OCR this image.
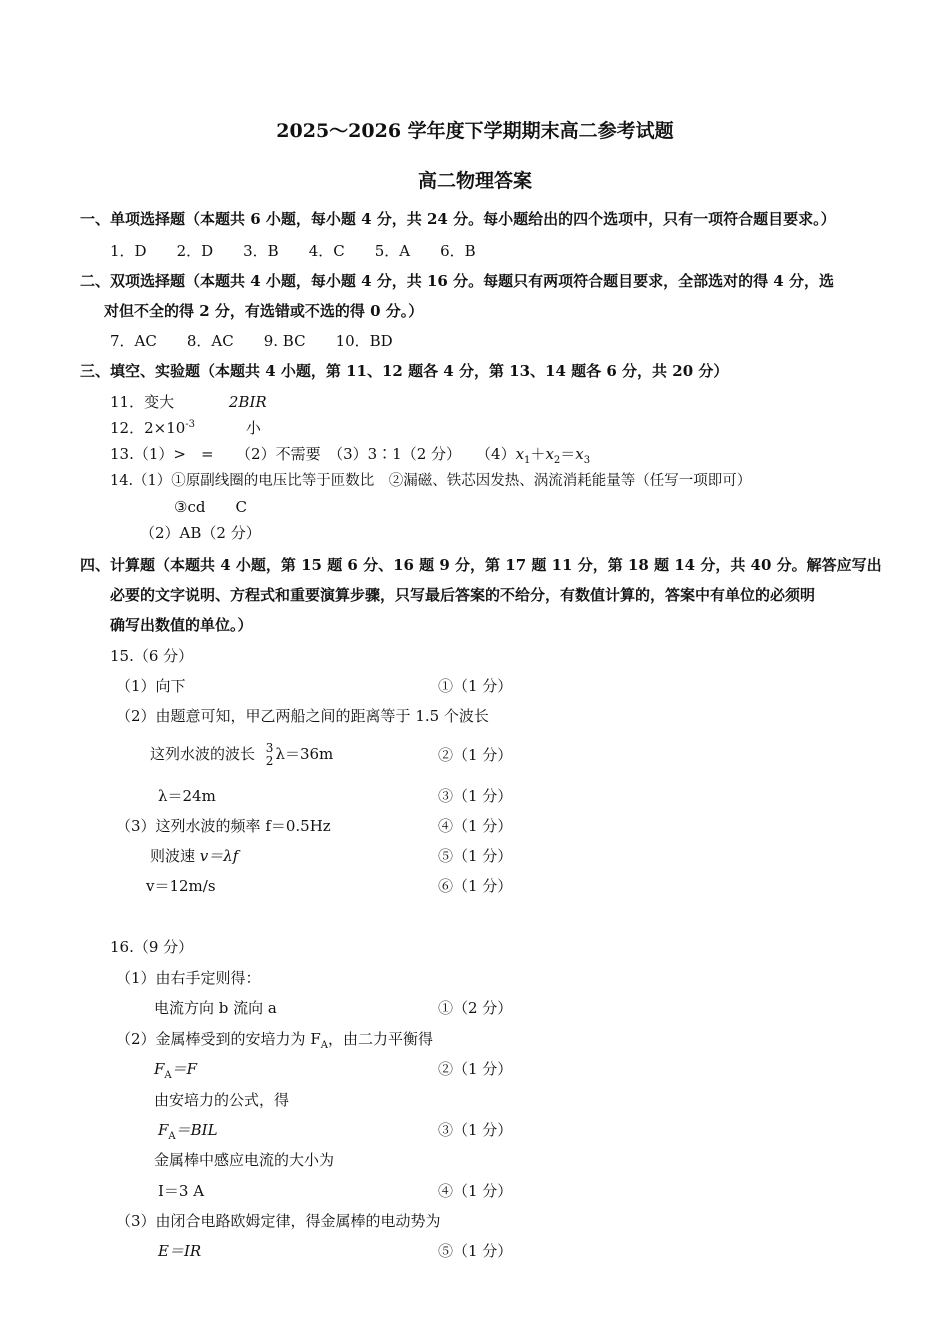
2025～2026 学年度下学期期末高二参考试题
高二物理答案
一、单项选择题（本题共 6 小题，每小题 4 分，共 24 分。每小题给出的四个选项中，只有一项符合题目要求。）
1．D　　2．D　　3．B　　4．C　　5．A　　6．B
二、双项选择题（本题共 4 小题，每小题 4 分，共 16 分。每题只有两项符合题目要求，全部选对的得 4 分，选
对但不全的得 2 分，有选错或不选的得 0 分。）
7．AC　　8．AC　　9. BC　　10．BD
三、填空、实验题（本题共 4 小题，第 11、12 题各 4 分，第 13、14 题各 6 分，共 20 分）
11．变大	2BIR
12．$2\times 10^{-3}$	小
13.（1）>　=　　（2）不需要　（3）3∶1（2 分）　　$(4)x_1+x_2=x_3$
14.（1）①原副线圈的电压比等于匝数比　②漏磁、铁芯因发热、涡流消耗能量等（任写一项即可）
③cd　　C
（2）AB（2 分）
四、计算题（本题共 4 小题，第 15 题 6 分、16 题 9 分，第 17 题 11 分，第 18 题 14 分，共 40 分。解答应写出
必要的文字说明、方程式和重要演算步骤，只写最后答案的不给分，有数值计算的，答案中有单位的必须明
确写出数值的单位。）
15.（6 分）
（1）向下	①（1 分）
（2）由题意可知，甲乙两船之间的距离等于 1.5 个波长
这列水波的波长 3
2 λ＝36m	②（1 分）
λ＝24m	③（1 分）
（3）这列水波的频率 f＝0.5Hz	④（1 分）
则波速 v＝λf	⑤（1 分）
v＝12m/s	⑥（1 分）
16.（9 分）
（1）由右手定则得：
电流方向 b 流向 a	①（2 分）
（2）金属棒受到的安培力为 $F_A$，由二力平衡得
$F_A=F$	②（1 分）
由安培力的公式，得
$F_A=BIL$	③（1 分）
金属棒中感应电流的大小为
I＝3 A	④（1 分）
（3）由闭合电路欧姆定律，得金属棒的电动势为
E＝IR	⑤（1 分）
